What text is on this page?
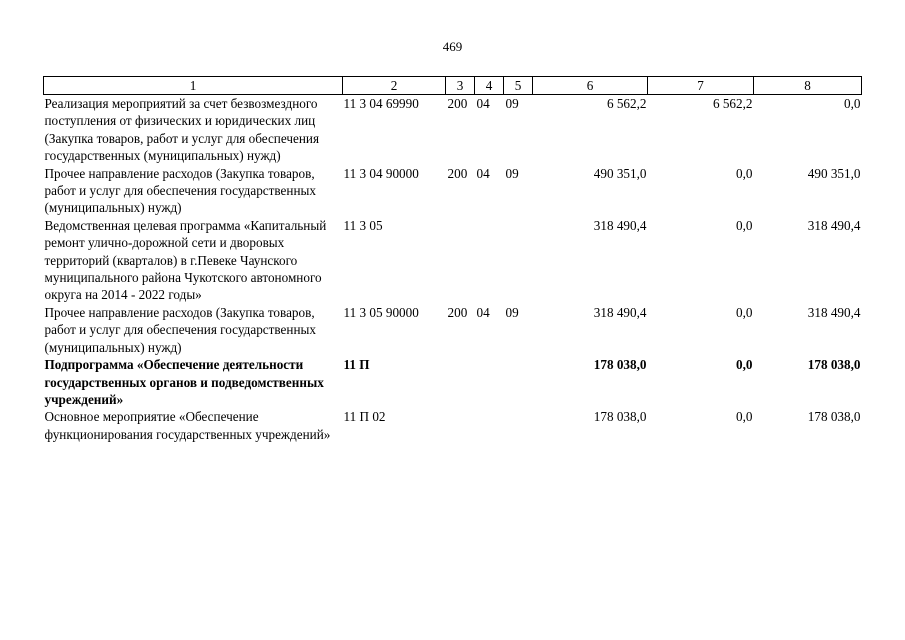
469
1	2	3	4	5	6	7	8
Реализация мероприятий за счет безвозмездного поступления от физических и юридических лиц (Закупка товаров, работ и услуг для обеспечения государственных (муниципальных) нужд)	11 3 04 69990	200	04	09	6 562,2	6 562,2	0,0
Прочее направление расходов (Закупка товаров, работ и услуг для обеспечения государственных (муниципальных) нужд)	11 3 04 90000	200	04	09	490 351,0	0,0	490 351,0
Ведомственная целевая программа «Капитальный ремонт улично-дорожной сети и дворовых территорий (кварталов) в г.Певеке Чаунского муниципального района Чукотского автономного округа на 2014 - 2022 годы»	11 3 05				318 490,4	0,0	318 490,4
Прочее направление расходов (Закупка товаров, работ и услуг для обеспечения государственных (муниципальных) нужд)	11 3 05 90000	200	04	09	318 490,4	0,0	318 490,4
Подпрограмма «Обеспечение деятельности государственных органов и подведомственных учреждений»	11 П				178 038,0	0,0	178 038,0
Основное мероприятие «Обеспечение функционирования государственных учреждений»	11 П 02				178 038,0	0,0	178 038,0
